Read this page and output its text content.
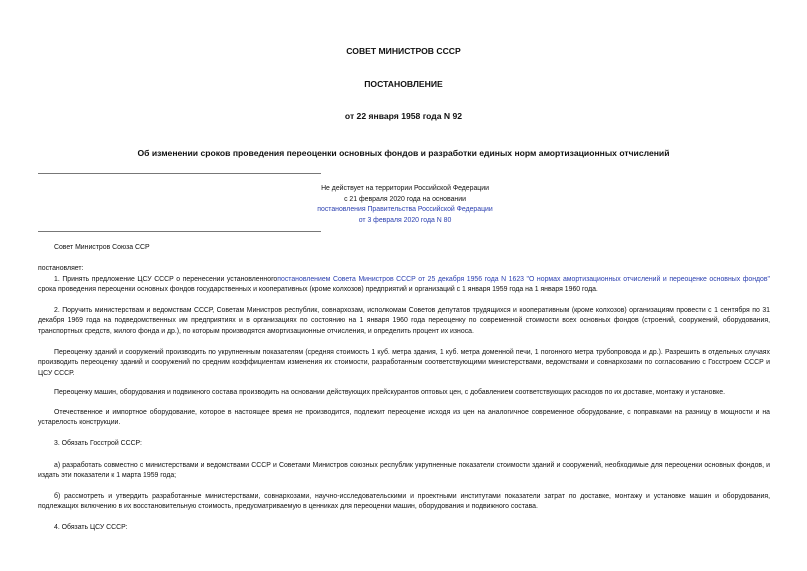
СОВЕТ МИНИСТРОВ СССР
ПОСТАНОВЛЕНИЕ
от 22 января 1958 года N 92
Об изменении сроков проведения переоценки основных фондов и разработки единых норм амортизационных отчислений
Не действует на территории Российской Федерации
с 21 февраля 2020 года на основании
постановления Правительства Российской Федерации
от 3 февраля 2020 года N 80

Совет Министров Союза ССР

постановляет:

1. Принять предложение ЦСУ СССР о перенесении установленногопостановлением Совета Министров СССР от 25 декабря 1956 года N 1623 "О нормах амортизационных отчислений и переоценке основных фондов" срока проведения переоценки основных фондов государственных и кооперативных (кроме колхозов) предприятий и организаций с 1 января 1959 года на 1 января 1960 года.

2. Поручить министерствам и ведомствам СССР, Советам Министров республик, совнархозам, исполкомам Советов депутатов трудящихся и кооперативным (кроме колхозов) организациям провести с 1 сентября по 31 декабря 1969 года на подведомственных им предприятиях и в организациях по состоянию на 1 января 1960 года переоценку по современной стоимости всех основных фондов (строений, сооружений, оборудования, транспортных средств, жилого фонда и др.), по которым производятся амортизационные отчисления, и определить процент их износа.

Переоценку зданий и сооружений производить по укрупненным показателям (средняя стоимость 1 куб. метра здания, 1 куб. метра доменной печи, 1 погонного метра трубопровода и др.). Разрешить в отдельных случаях производить переоценку зданий и сооружений по средним коэффициентам изменения их стоимости, разработанным соответствующими министерствами, ведомствами и совнархозами по согласованию с Госстроем СССР и ЦСУ СССР.

Переоценку машин, оборудования и подвижного состава производить на основании действующих прейскурантов оптовых цен, с добавлением соответствующих расходов по их доставке, монтажу и установке.

Отечественное и импортное оборудование, которое в настоящее время не производится, подлежит переоценке исходя из цен на аналогичное современное оборудование, с поправками на разницу в мощности и на устарелость конструкции.

3. Обязать Госстрой СССР:

а) разработать совместно с министерствами и ведомствами СССР и Советами Министров союзных республик укрупненные показатели стоимости зданий и сооружений, необходимые для переоценки основных фондов, и издать эти показатели к 1 марта 1959 года;

б) рассмотреть и утвердить разработанные министерствами, совнархозами, научно-исследовательскими и проектными институтами показатели затрат по доставке, монтажу и установке машин и оборудования, подлежащих включению в их восстановительную стоимость, предусматриваемую в ценниках для переоценки машин, оборудования и подвижного состава.

4. Обязать ЦСУ СССР:
